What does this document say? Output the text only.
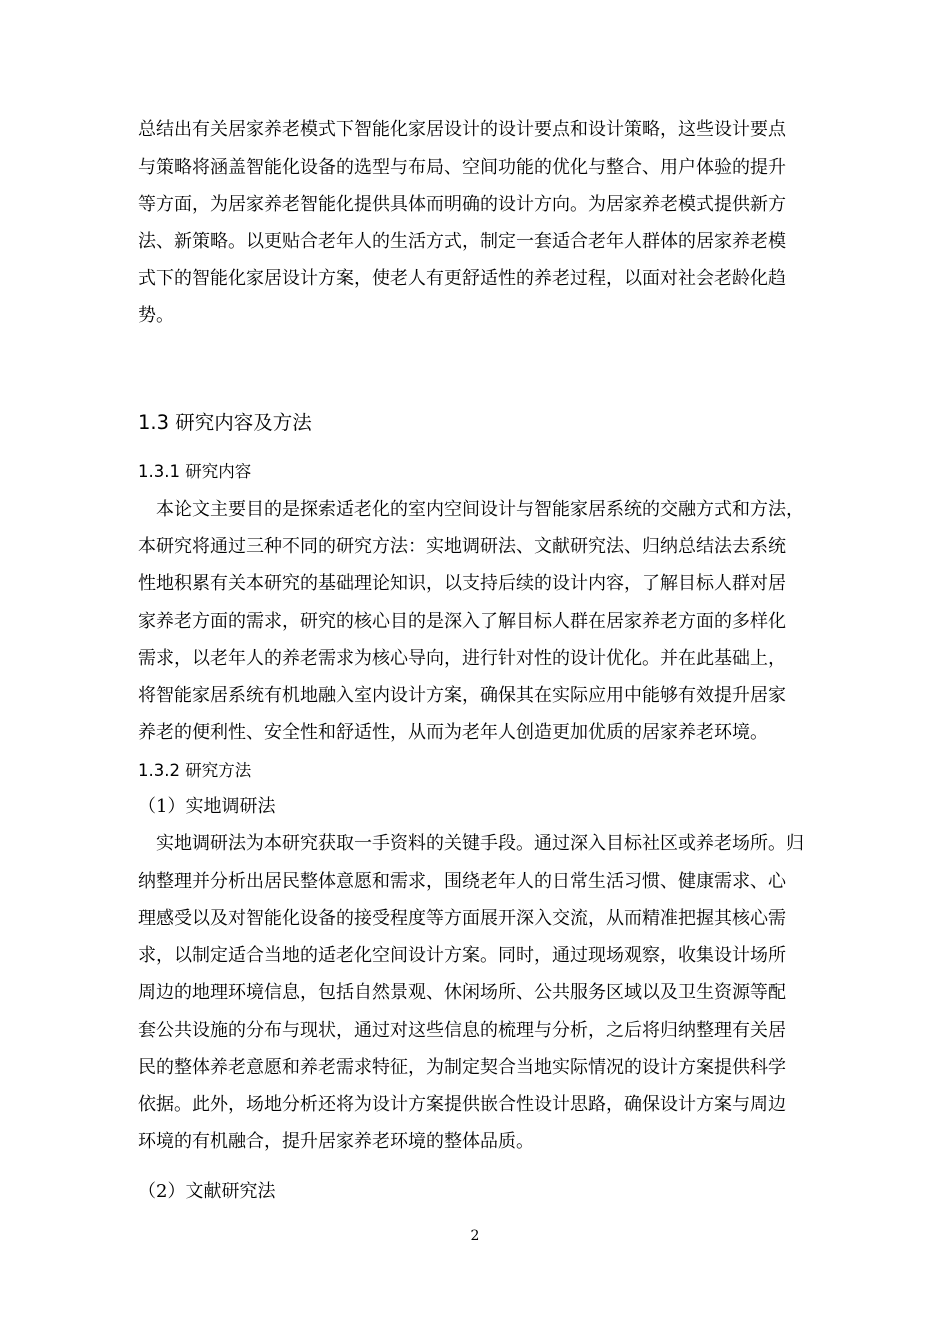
总结出有关居家养老模式下智能化家居设计的设计要点和设计策略，这些设计要点
与策略将涵盖智能化设备的选型与布局、空间功能的优化与整合、用户体验的提升
等方面，为居家养老智能化提供具体而明确的设计方向。为居家养老模式提供新方
法、新策略。以更贴合老年人的生活方式，制定一套适合老年人群体的居家养老模
式下的智能化家居设计方案，使老人有更舒适性的养老过程，以面对社会老龄化趋
势。
1.3 研究内容及方法
1.3.1 研究内容
本论文主要目的是探索适老化的室内空间设计与智能家居系统的交融方式和方法，
本研究将通过三种不同的研究方法：实地调研法、文献研究法、归纳总结法去系统
性地积累有关本研究的基础理论知识，以支持后续的设计内容，了解目标人群对居
家养老方面的需求，研究的核心目的是深入了解目标人群在居家养老方面的多样化
需求，以老年人的养老需求为核心导向，进行针对性的设计优化。并在此基础上，
将智能家居系统有机地融入室内设计方案，确保其在实际应用中能够有效提升居家
养老的便利性、安全性和舒适性，从而为老年人创造更加优质的居家养老环境。
1.3.2 研究方法
（1）实地调研法
实地调研法为本研究获取一手资料的关键手段。通过深入目标社区或养老场所。归
纳整理并分析出居民整体意愿和需求，围绕老年人的日常生活习惯、健康需求、心
理感受以及对智能化设备的接受程度等方面展开深入交流，从而精准把握其核心需
求，以制定适合当地的适老化空间设计方案。同时，通过现场观察，收集设计场所
周边的地理环境信息，包括自然景观、休闲场所、公共服务区域以及卫生资源等配
套公共设施的分布与现状，通过对这些信息的梳理与分析，之后将归纳整理有关居
民的整体养老意愿和养老需求特征，为制定契合当地实际情况的设计方案提供科学
依据。此外，场地分析还将为设计方案提供嵌合性设计思路，确保设计方案与周边
环境的有机融合，提升居家养老环境的整体品质。
（2）文献研究法
2
